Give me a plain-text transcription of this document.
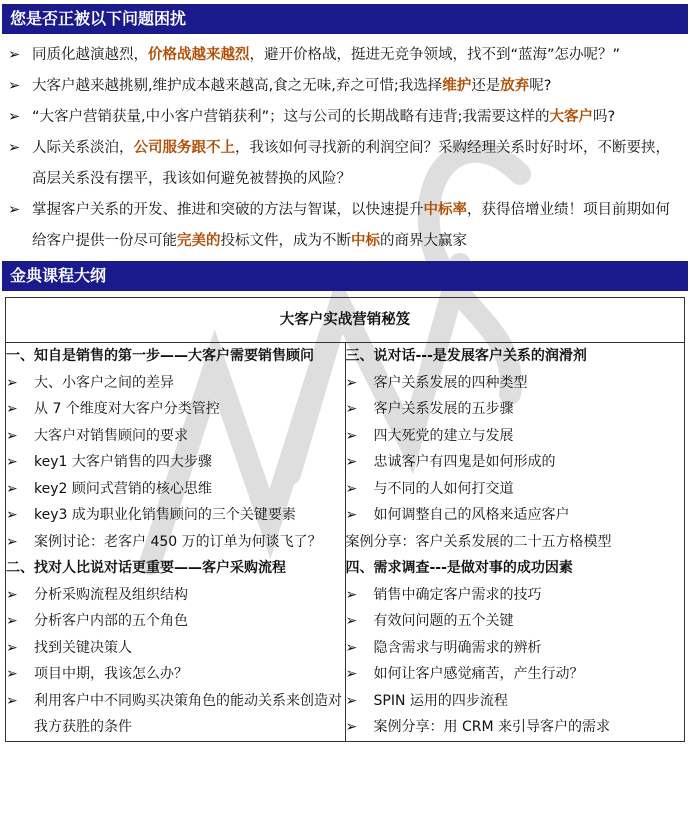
您是否正被以下问题困扰
➢ 同质化越演越烈，价格战越来越烈，避开价格战，挺进无竞争领域，找不到“蓝海”怎办呢？”
➢ 大客户越来越挑剔,维护成本越来越高,食之无味,弃之可惜;我选择维护还是放弃呢?
➢ “大客户营销获量,中小客户营销获利”；这与公司的长期战略有违背;我需要这样的大客户吗?
➢ 人际关系淡泊，公司服务跟不上，我该如何寻找新的利润空间？采购经理关系时好时坏，不断要挟，高层关系没有摆平，我该如何避免被替换的风险？
➢ 掌握客户关系的开发、推进和突破的方法与智谋，以快速提升中标率，获得倍增业绩！项目前期如何给客户提供一份尽可能完美的投标文件，成为不断中标的商界大赢家
金典课程大纲
大客户实战营销秘笈

一、知自是销售的第一步——大客户需要销售顾问
➢ 大、小客户之间的差异
➢ 从 7 个维度对大客户分类管控
➢ 大客户对销售顾问的要求
➢ key1 大客户销售的四大步骤
➢ key2 顾问式营销的核心思维
➢ key3 成为职业化销售顾问的三个关键要素
➢ 案例讨论：老客户 450 万的订单为何谈飞了？
二、找对人比说对话更重要——客户采购流程
➢ 分析采购流程及组织结构
➢ 分析客户内部的五个角色
➢ 找到关键决策人
➢ 项目中期，我该怎么办？
➢ 利用客户中不同购买决策角色的能动关系来创造对我方获胜的条件

三、说对话---是发展客户关系的润滑剂
➢ 客户关系发展的四种类型
➢ 客户关系发展的五步骤
➢ 四大死党的建立与发展
➢ 忠诚客户有四鬼是如何形成的
➢ 与不同的人如何打交道
➢ 如何调整自己的风格来适应客户
案例分享：客户关系发展的二十五方格模型
四、需求调查---是做对事的成功因素
➢ 销售中确定客户需求的技巧
➢ 有效问问题的五个关键
➢ 隐含需求与明确需求的辨析
➢ 如何让客户感觉痛苦，产生行动？
➢ SPIN 运用的四步流程
➢ 案例分享：用 CRM 来引导客户的需求
